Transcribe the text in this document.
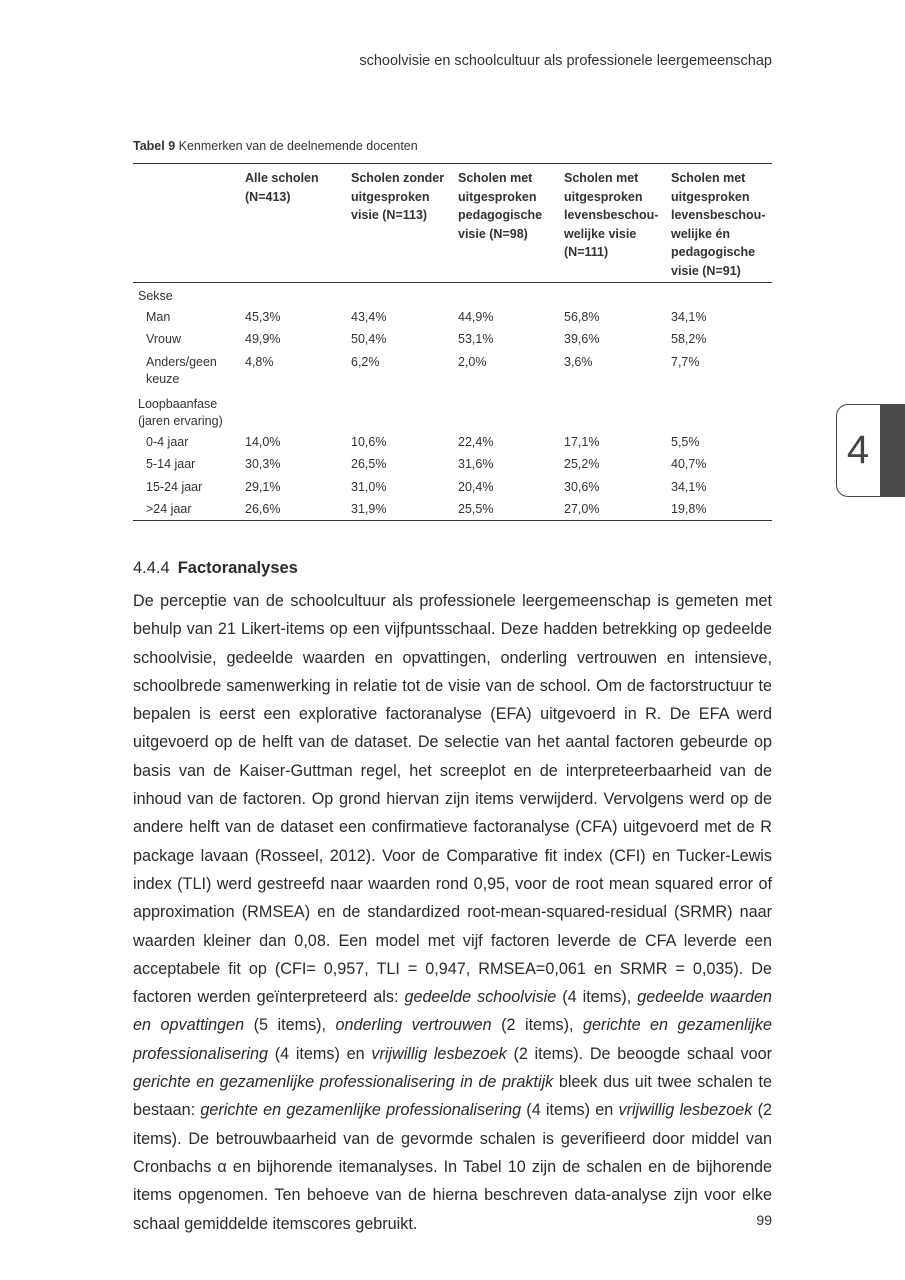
schoolvisie en schoolcultuur als professionele leergemeenschap
Tabel 9 Kenmerken van de deelnemende docenten
	Alle scholen (N=413)	Scholen zonder uitgesproken visie (N=113)	Scholen met uitgesproken pedagogische visie (N=98)	Scholen met uitgesproken levensbeschou-welijke visie (N=111)	Scholen met uitgesproken levensbeschou-welijke én pedagogische visie (N=91)
Sekse					
Man	45,3%	43,4%	44,9%	56,8%	34,1%
Vrouw	49,9%	50,4%	53,1%	39,6%	58,2%
Anders/geen keuze	4,8%	6,2%	2,0%	3,6%	7,7%
Loopbaanfase (jaren ervaring)					
0-4 jaar	14,0%	10,6%	22,4%	17,1%	5,5%
5-14 jaar	30,3%	26,5%	31,6%	25,2%	40,7%
15-24 jaar	29,1%	31,0%	20,4%	30,6%	34,1%
>24 jaar	26,6%	31,9%	25,5%	27,0%	19,8%
4
4.4.4 Factoranalyses

De perceptie van de schoolcultuur als professionele leergemeenschap is gemeten met behulp van 21 Likert-items op een vijfpuntsschaal. Deze hadden betrekking op gedeelde schoolvisie, gedeelde waarden en opvattingen, onderling vertrouwen en intensieve, schoolbrede samenwerking in relatie tot de visie van de school. Om de factorstructuur te bepalen is eerst een explorative factoranalyse (EFA) uitgevoerd in R. De EFA werd uitgevoerd op de helft van de dataset. De selectie van het aantal factoren gebeurde op basis van de Kaiser-Guttman regel, het screeplot en de interpreteerbaarheid van de inhoud van de factoren. Op grond hiervan zijn items verwijderd. Vervolgens werd op de andere helft van de dataset een confirmatieve factoranalyse (CFA) uitgevoerd met de R package lavaan (Rosseel, 2012). Voor de Comparative fit index (CFI) en Tucker-Lewis index (TLI) werd gestreefd naar waarden rond 0,95, voor de root mean squared error of approximation (RMSEA) en de standardized root-mean-squared-residual (SRMR) naar waarden kleiner dan 0,08. Een model met vijf factoren leverde de CFA leverde een acceptabele fit op (CFI= 0,957, TLI = 0,947, RMSEA=0,061 en SRMR = 0,035). De factoren werden geïnterpreteerd als: gedeelde schoolvisie (4 items), gedeelde waarden en opvattingen (5 items), onderling vertrouwen (2 items), gerichte en gezamenlijke professionalisering (4 items) en vrijwillig lesbezoek (2 items). De beoogde schaal voor gerichte en gezamenlijke professionalisering in de praktijk bleek dus uit twee schalen te bestaan: gerichte en gezamenlijke professionalisering (4 items) en vrijwillig lesbezoek (2 items). De betrouwbaarheid van de gevormde schalen is geverifieerd door middel van Cronbachs α en bijhorende itemanalyses. In Tabel 10 zijn de schalen en de bijhorende items opgenomen. Ten behoeve van de hierna beschreven data-analyse zijn voor elke schaal gemiddelde itemscores gebruikt.	99
